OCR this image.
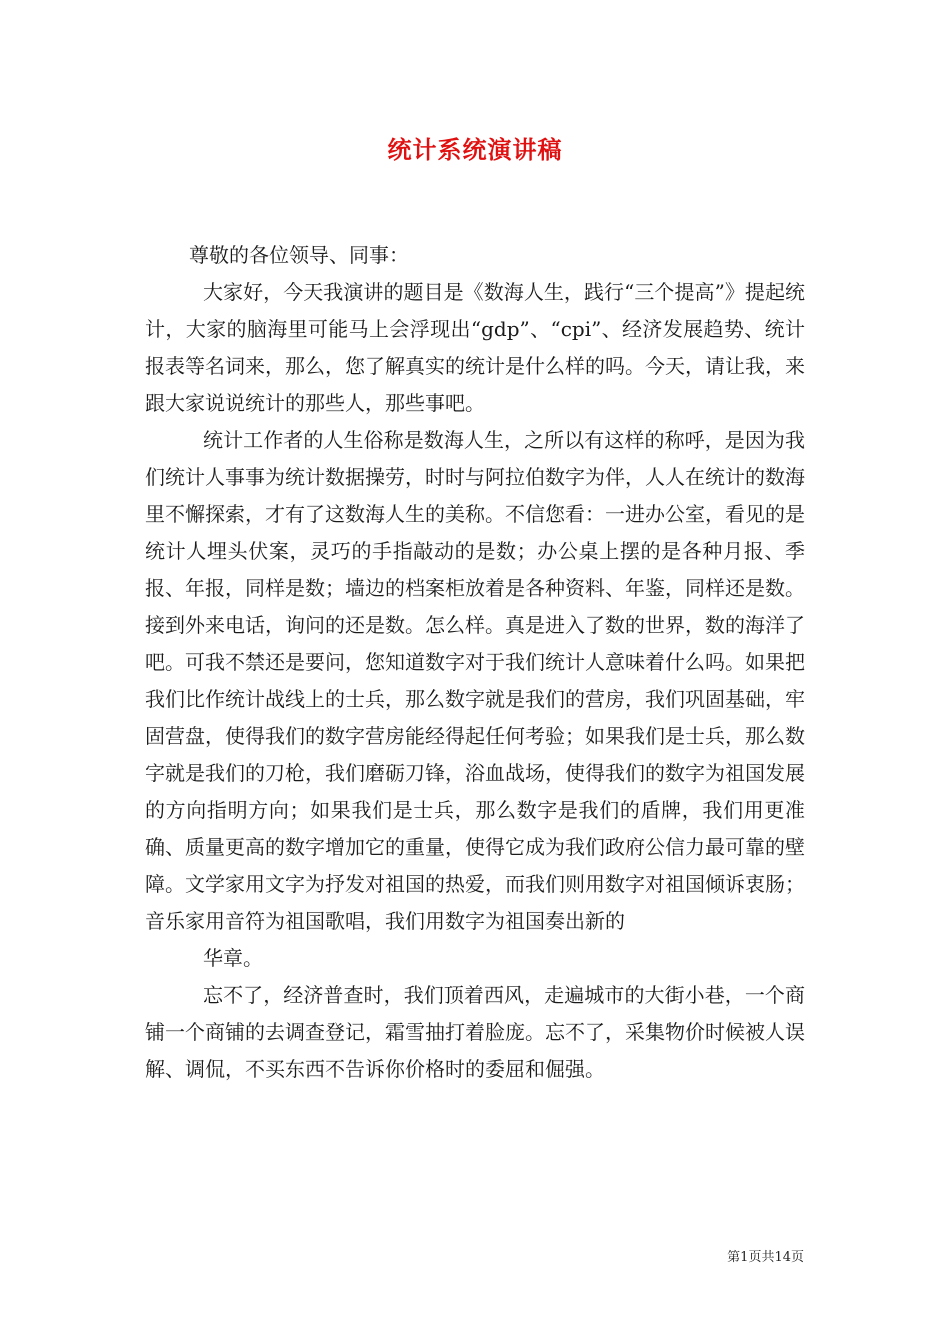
统计系统演讲稿

尊敬的各位领导、同事：

大家好，今天我演讲的题目是《数海人生，践行“三个提高”》提起统计，大家的脑海里可能马上会浮现出“gdp”、“cpi”、经济发展趋势、统计报表等名词来，那么，您了解真实的统计是什么样的吗。今天，请让我，来跟大家说说统计的那些人，那些事吧。

统计工作者的人生俗称是数海人生，之所以有这样的称呼，是因为我们统计人事事为统计数据操劳，时时与阿拉伯数字为伴，人人在统计的数海里不懈探索，才有了这数海人生的美称。不信您看：一进办公室，看见的是统计人埋头伏案，灵巧的手指敲动的是数；办公桌上摆的是各种月报、季报、年报，同样是数；墙边的档案柜放着是各种资料、年鉴，同样还是数。接到外来电话，询问的还是数。怎么样。真是进入了数的世界，数的海洋了吧。可我不禁还是要问，您知道数字对于我们统计人意味着什么吗。如果把我们比作统计战线上的士兵，那么数字就是我们的营房，我们巩固基础，牢固营盘，使得我们的数字营房能经得起任何考验；如果我们是士兵，那么数字就是我们的刀枪，我们磨砺刀锋，浴血战场，使得我们的数字为祖国发展的方向指明方向；如果我们是士兵，那么数字是我们的盾牌，我们用更准确、质量更高的数字增加它的重量，使得它成为我们政府公信力最可靠的壁障。文学家用文字为抒发对祖国的热爱，而我们则用数字对祖国倾诉衷肠；音乐家用音符为祖国歌唱，我们用数字为祖国奏出新的

华章。

忘不了，经济普查时，我们顶着西风，走遍城市的大街小巷，一个商铺一个商铺的去调查登记，霜雪抽打着脸庞。忘不了，采集物价时候被人误解、调侃，不买东西不告诉你价格时的委屈和倔强。

第1页共14页
